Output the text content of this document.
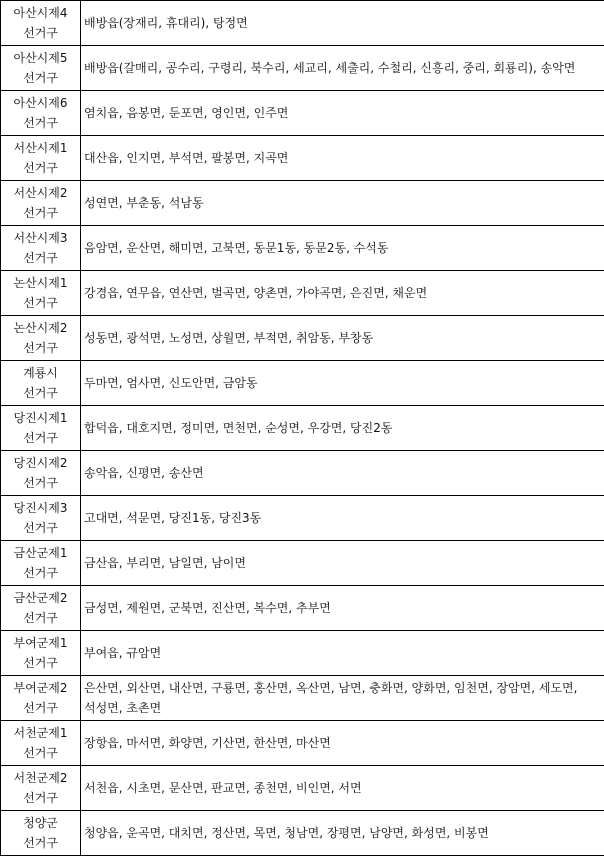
아산시제4
선거구	배방읍(장재리, 휴대리), 탕정면
아산시제5
선거구	배방읍(갈매리, 공수리, 구령리, 북수리, 세교리, 세출리, 수철리, 신흥리, 중리, 회룡리), 송악면
아산시제6
선거구	염치읍, 음봉면, 둔포면, 영인면, 인주면
서산시제1
선거구	대산읍, 인지면, 부석면, 팔봉면, 지곡면
서산시제2
선거구	성연면, 부춘동, 석남동
서산시제3
선거구	음암면, 운산면, 해미면, 고북면, 동문1동, 동문2동, 수석동
논산시제1
선거구	강경읍, 연무읍, 연산면, 벌곡면, 양촌면, 가야곡면, 은진면, 채운면
논산시제2
선거구	성동면, 광석면, 노성면, 상월면, 부적면, 취암동, 부창동
계룡시
선거구	두마면, 엄사면, 신도안면, 금암동
당진시제1
선거구	합덕읍, 대호지면, 정미면, 면천면, 순성면, 우강면, 당진2동
당진시제2
선거구	송악읍, 신평면, 송산면
당진시제3
선거구	고대면, 석문면, 당진1동, 당진3동
금산군제1
선거구	금산읍, 부리면, 남일면, 남이면
금산군제2
선거구	금성면, 제원면, 군북면, 진산면, 복수면, 추부면
부여군제1
선거구	부여읍, 규암면
부여군제2
선거구	은산면, 외산면, 내산면, 구룡면, 홍산면, 옥산면, 남면, 충화면, 양화면, 임천면, 장암면, 세도면, 석성면, 초촌면
서천군제1
선거구	장항읍, 마서면, 화양면, 기산면, 한산면, 마산면
서천군제2
선거구	서천읍, 시초면, 문산면, 판교면, 종천면, 비인면, 서면
청양군
선거구	청양읍, 운곡면, 대치면, 정산면, 목면, 청남면, 장평면, 남양면, 화성면, 비봉면
